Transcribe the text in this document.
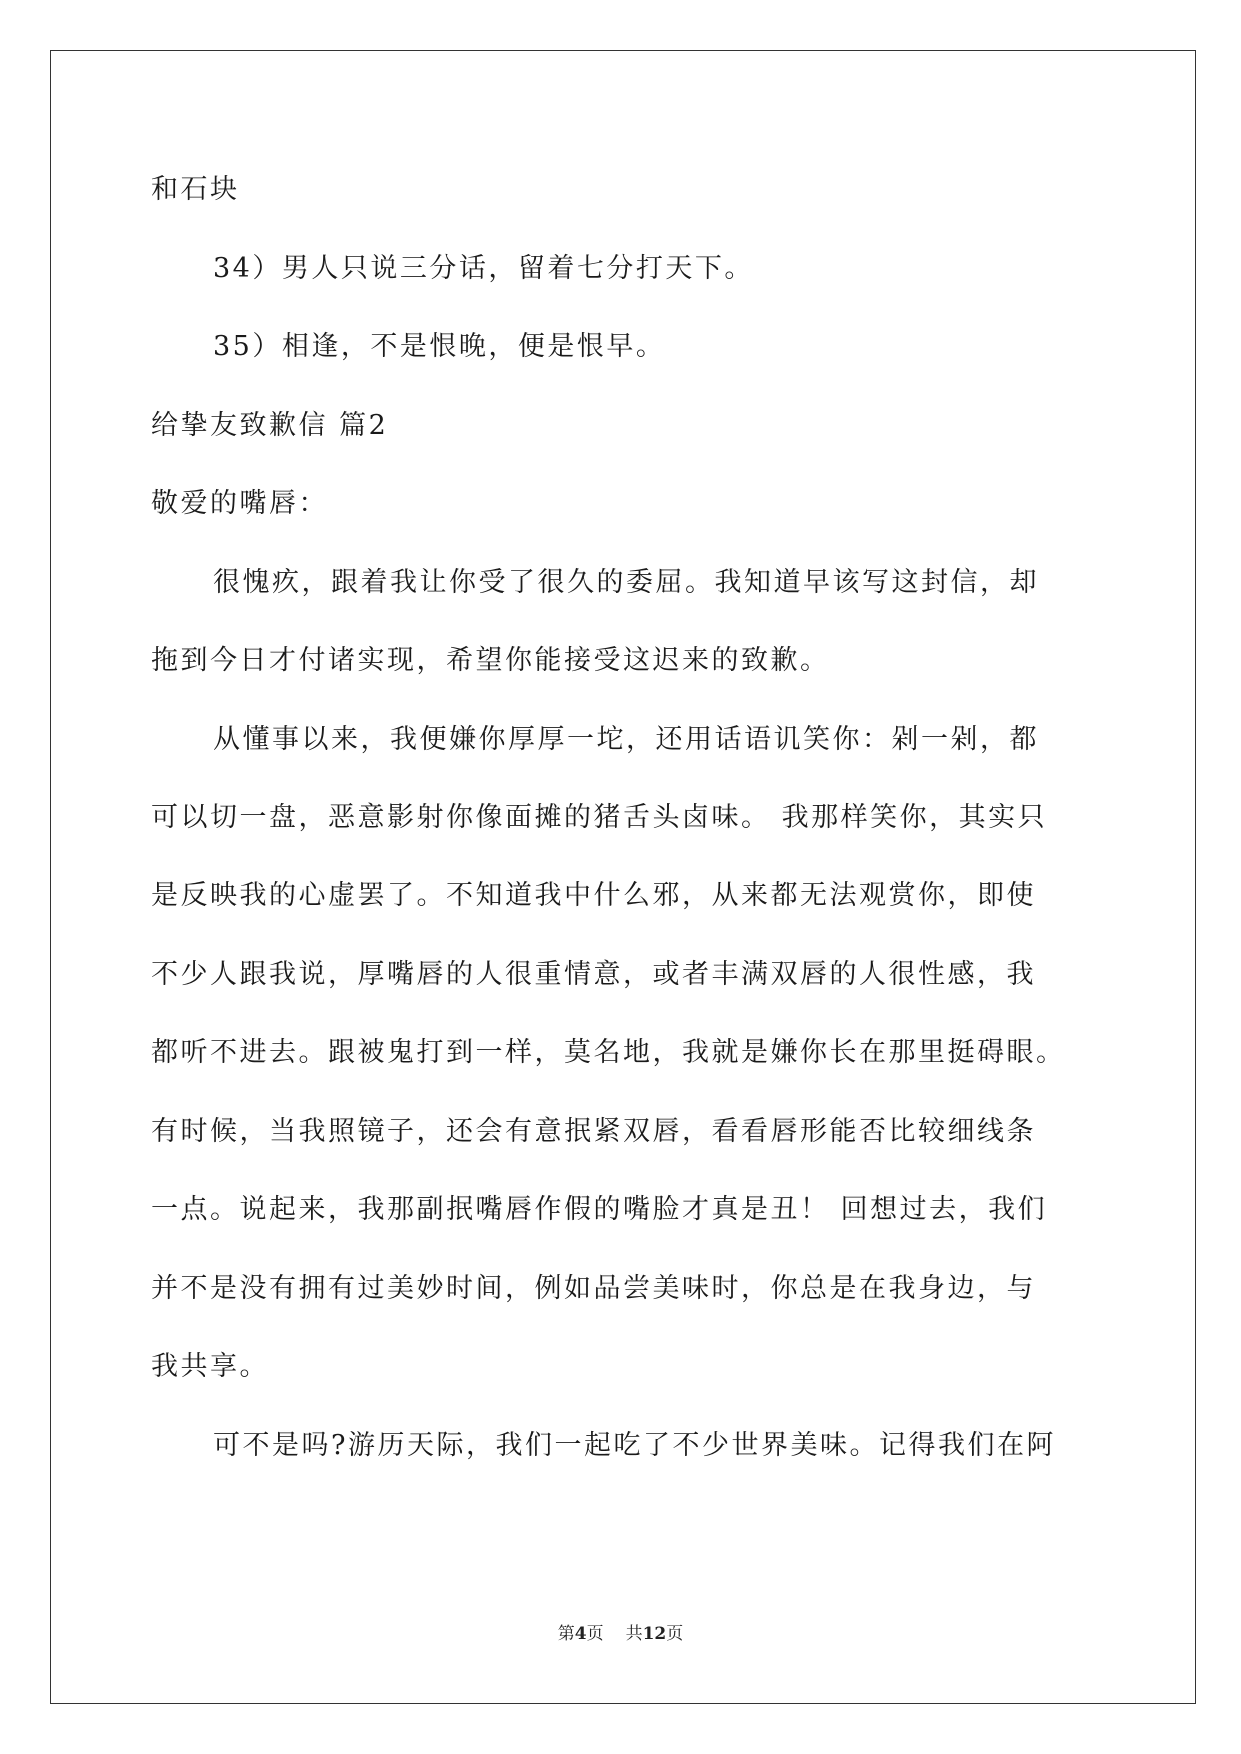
和石块
34）男人只说三分话，留着七分打天下。
35）相逢，不是恨晚，便是恨早。
给挚友致歉信 篇2
敬爱的嘴唇：
很愧疚，跟着我让你受了很久的委屈。我知道早该写这封信，却
拖到今日才付诸实现，希望你能接受这迟来的致歉。
从懂事以来，我便嫌你厚厚一坨，还用话语讥笑你：剁一剁，都
可以切一盘，恶意影射你像面摊的猪舌头卤味。 我那样笑你，其实只
是反映我的心虚罢了。不知道我中什么邪，从来都无法观赏你，即使
不少人跟我说，厚嘴唇的人很重情意，或者丰满双唇的人很性感，我
都听不进去。跟被鬼打到一样，莫名地，我就是嫌你长在那里挺碍眼。
有时候，当我照镜子，还会有意抿紧双唇，看看唇形能否比较细线条
一点。说起来，我那副抿嘴唇作假的嘴脸才真是丑！ 回想过去，我们
并不是没有拥有过美妙时间，例如品尝美味时，你总是在我身边，与
我共享。
可不是吗?游历天际，我们一起吃了不少世界美味。记得我们在阿
第4页 共12页
